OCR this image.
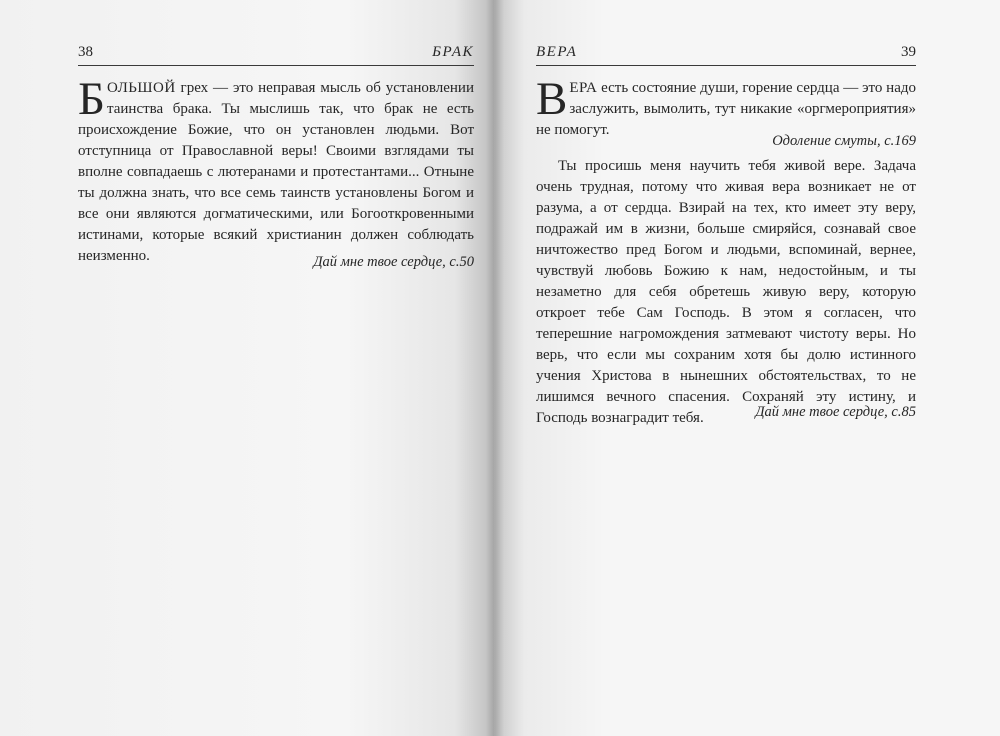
38	БРАК
БОЛЬШОЙ грех — это неправая мысль об установлении таинства брака. Ты мыслишь так, что брак не есть происхождение Божие, что он установлен людьми. Вот отступница от Православной веры! Своими взглядами ты вполне совпадаешь с лютеранами и протестантами... Отныне ты должна знать, что все семь таинств установлены Богом и все они являются догматическими, или Богооткровенными истинами, которые всякий христианин должен соблюдать неизменно.	Дай мне твое сердце, с.50
ВЕРА	39
ВЕРА есть состояние души, горение сердца — это надо заслужить, вымолить, тут никакие «оргмероприятия» не помогут.
Одоление смуты, с.169

Ты просишь меня научить тебя живой вере. Задача очень трудная, потому что живая вера возникает не от разума, а от сердца. Взирай на тех, кто имеет эту веру, подражай им в жизни, больше смиряйся, сознавай свое ничтожество пред Богом и людьми, вспоминай, вернее, чувствуй любовь Божию к нам, недостойным, и ты незаметно для себя обретешь живую веру, которую откроет тебе Сам Господь. В этом я согласен, что теперешние нагромождения затмевают чистоту веры. Но верь, что если мы сохраним хотя бы долю истинного учения Христова в нынешних обстоятельствах, то не лишимся вечного спасения. Сохраняй эту истину, и Господь вознаградит тебя.	Дай мне твое сердце, с.85
